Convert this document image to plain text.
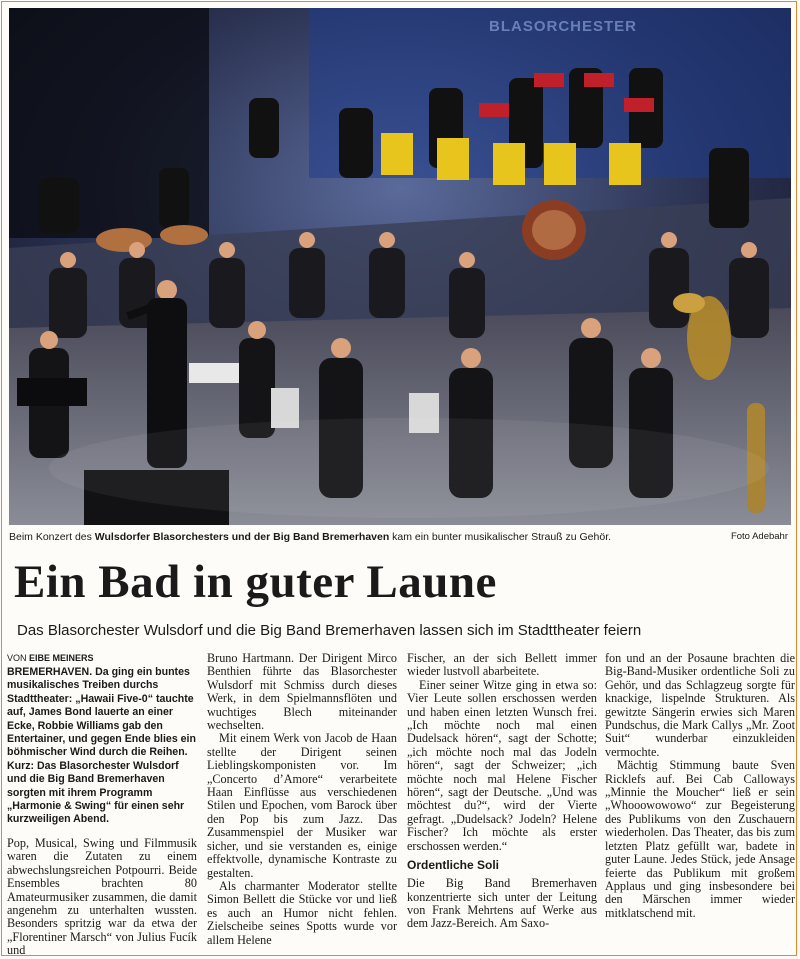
BLASORCHESTER
Beim Konzert des Wulsdorfer Blasorchesters und der Big Band Bremerhaven kam ein bunter musikalischer Strauß zu Gehör.	Foto Adebahr
Ein Bad in guter Laune
Das Blasorchester Wulsdorf und die Big Band Bremerhaven lassen sich im Stadttheater feiern
VON EIBE MEINERS

BREMERHAVEN. Da ging ein buntes musikalisches Treiben durchs Stadttheater: „Hawaii Five-0“ tauchte auf, James Bond lauerte an einer Ecke, Robbie Williams gab den Entertainer, und gegen Ende blies ein böhmischer Wind durch die Reihen. Kurz: Das Blasorchester Wulsdorf und die Big Band Bremerhaven sorgten mit ihrem Programm „Harmonie & Swing“ für einen sehr kurzweiligen Abend.

Pop, Musical, Swing und Filmmusik waren die Zutaten zu einem abwechslungsreichen Potpourri. Beide Ensembles brachten 80 Amateurmusiker zusammen, die damit angenehm zu unterhalten wussten. Besonders spritzig war da etwa der „Florentiner Marsch“ von Julius Fucík und

Bruno Hartmann. Der Dirigent Mirco Benthien führte das Blasorchester Wulsdorf mit Schmiss durch dieses Werk, in dem Spielmannsflöten und wuchtiges Blech miteinander wechselten.

Mit einem Werk von Jacob de Haan stellte der Dirigent seinen Lieblingskomponisten vor. Im „Concerto d’Amore“ verarbeitete Haan Einflüsse aus verschiedenen Stilen und Epochen, vom Barock über den Pop bis zum Jazz. Das Zusammenspiel der Musiker war sicher, und sie verstanden es, einige effektvolle, dynamische Kontraste zu gestalten.

Als charmanter Moderator stellte Simon Bellett die Stücke vor und ließ es auch an Humor nicht fehlen. Zielscheibe seines Spotts wurde vor allem Helene

Fischer, an der sich Bellett immer wieder lustvoll abarbeitete.

Einer seiner Witze ging in etwa so: Vier Leute sollen erschossen werden und haben einen letzten Wunsch frei. „Ich möchte noch mal einen Dudelsack hören“, sagt der Schotte; „ich möchte noch mal das Jodeln hören“, sagt der Schweizer; „ich möchte noch mal Helene Fischer hören“, sagt der Deutsche. „Und was möchtest du?“, wird der Vierte gefragt. „Dudelsack? Jodeln? Helene Fischer? Ich möchte als erster erschossen werden.“

Ordentliche Soli

Die Big Band Bremerhaven konzentrierte sich unter der Leitung von Frank Mehrtens auf Werke aus dem Jazz-Bereich. Am Saxo-

fon und an der Posaune brachten die Big-Band-Musiker ordentliche Soli zu Gehör, und das Schlagzeug sorgte für knackige, lispelnde Strukturen. Als gewitzte Sängerin erwies sich Maren Pundschus, die Mark Callys „Mr. Zoot Suit“ wunderbar einzukleiden vermochte.

Mächtig Stimmung baute Sven Ricklefs auf. Bei Cab Calloways „Minnie the Moucher“ ließ er sein „Whooowowowo“ zur Begeisterung des Publikums von den Zuschauern wiederholen. Das Theater, das bis zum letzten Platz gefüllt war, badete in guter Laune. Jedes Stück, jede Ansage feierte das Publikum mit großem Applaus und ging insbesondere bei den Märschen immer wieder mitklatschend mit.
